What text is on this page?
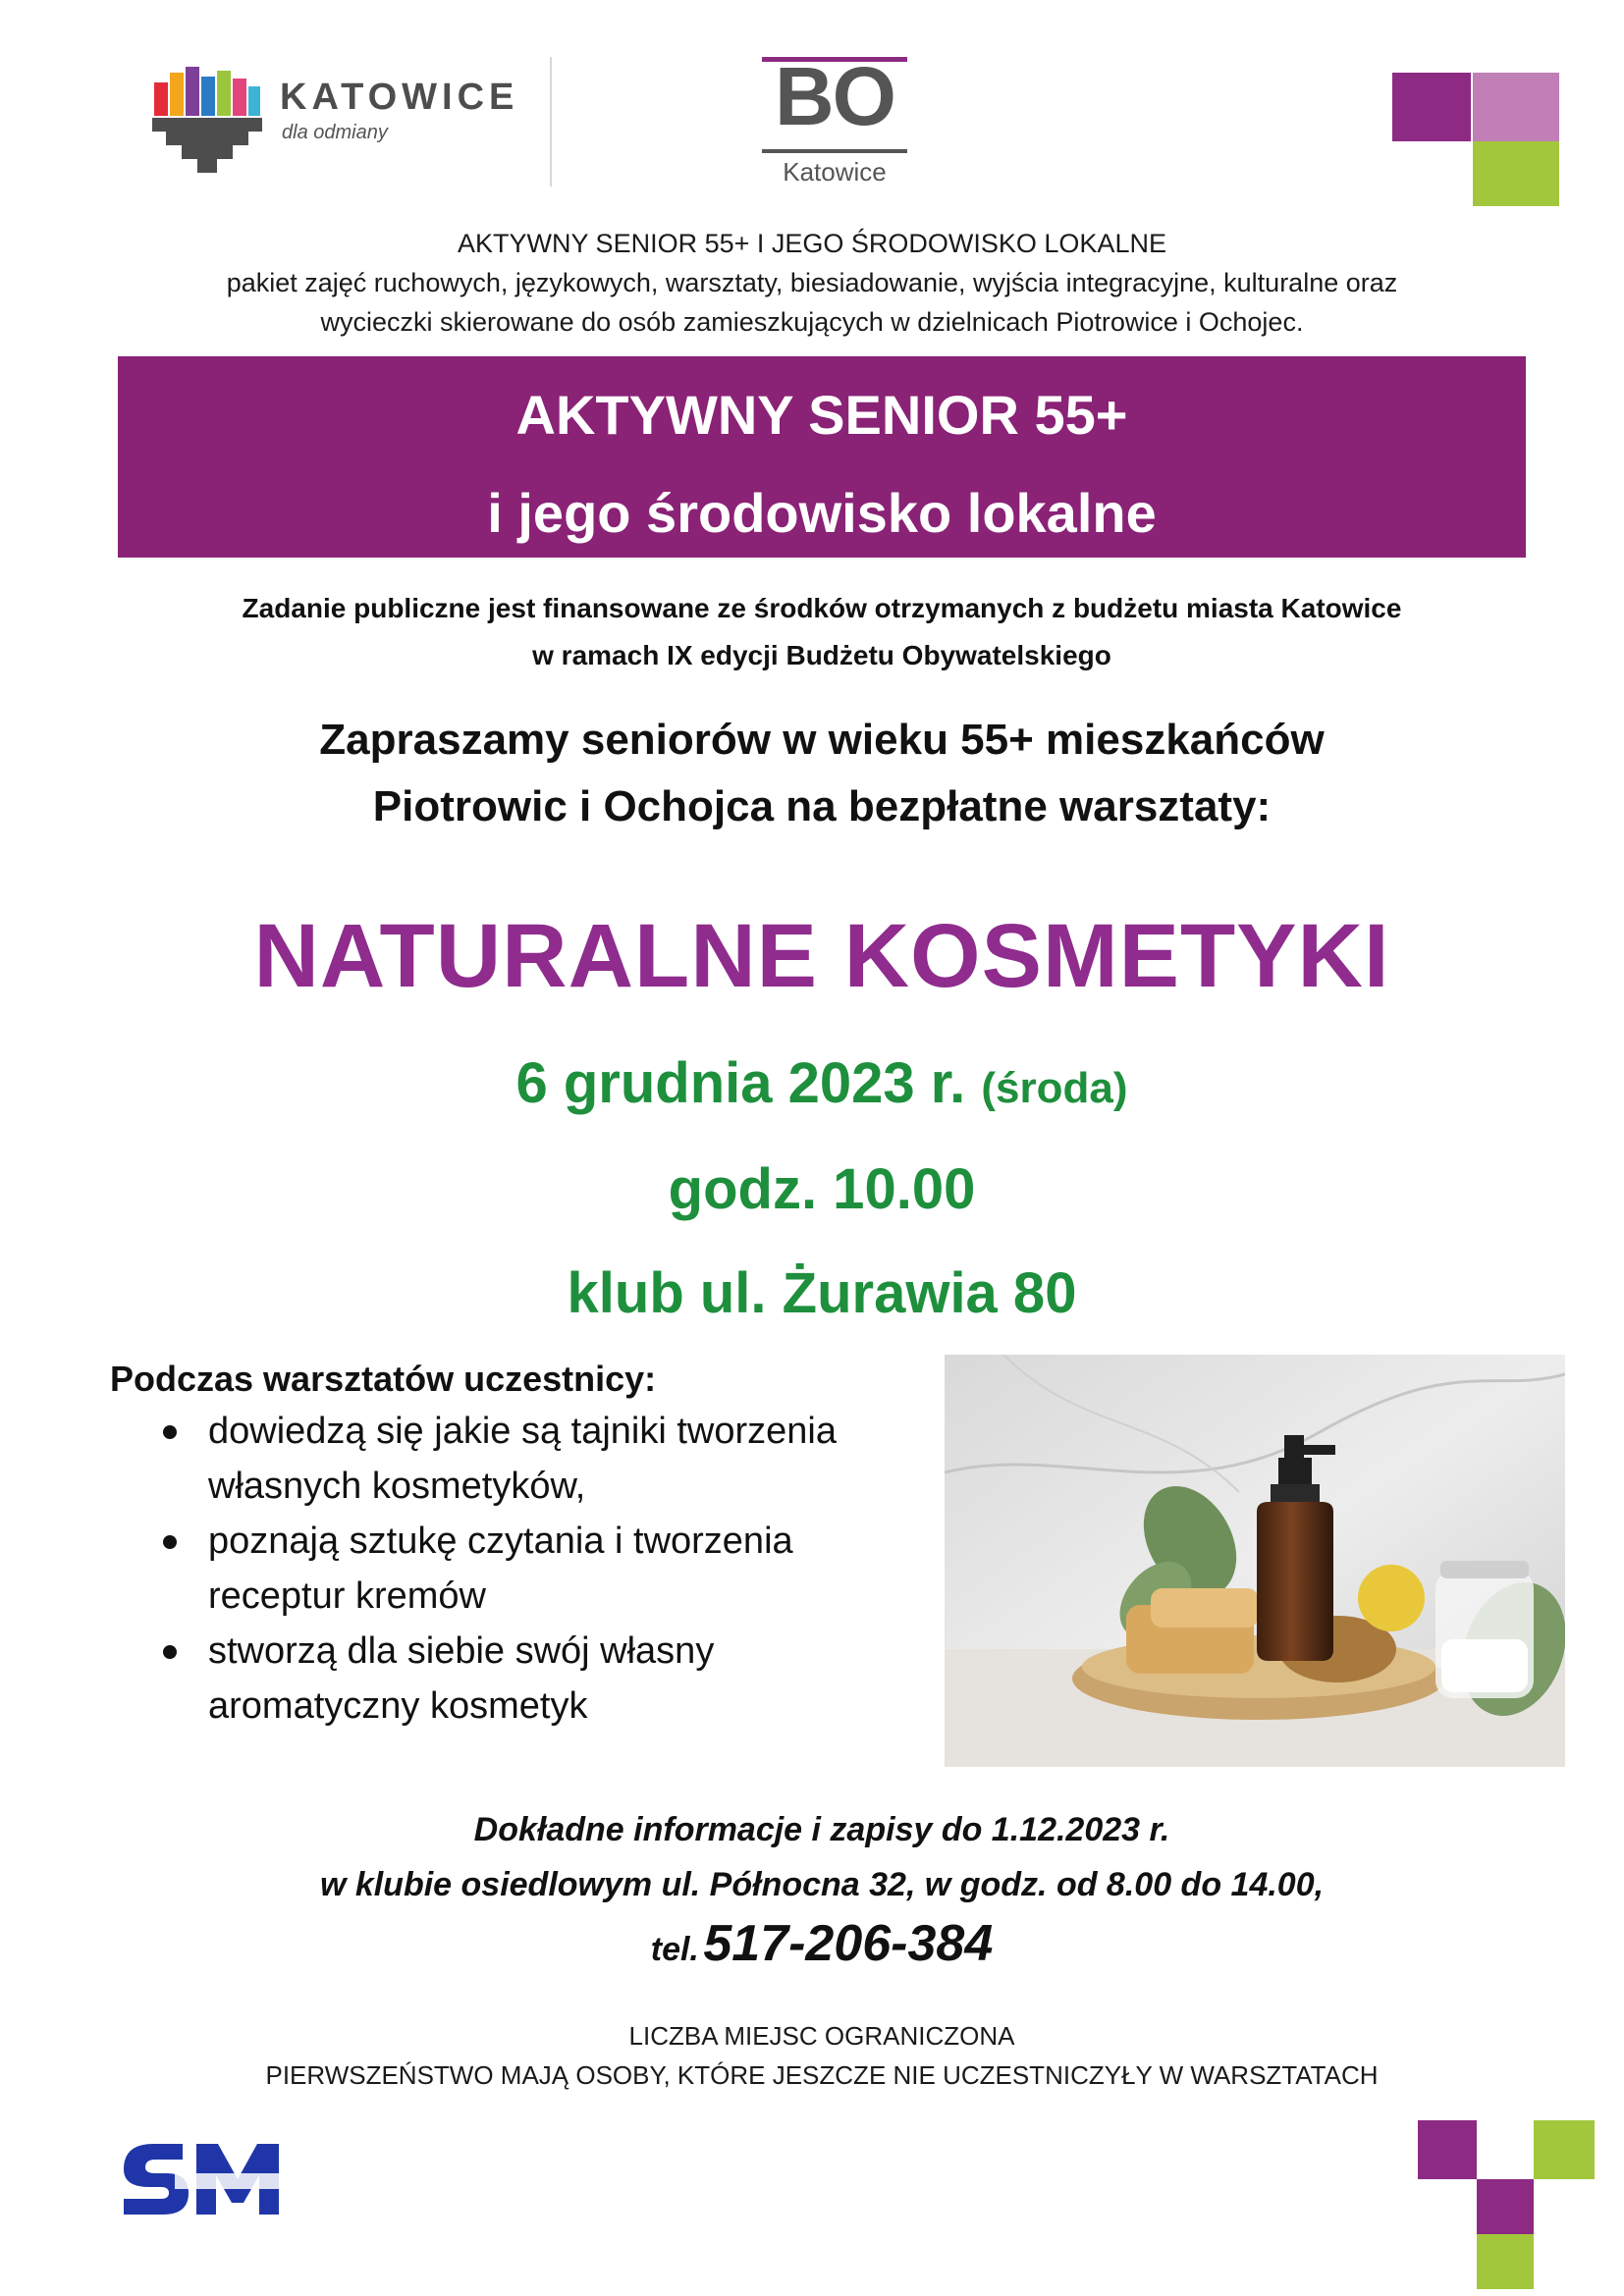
KATOWICE
dla odmiany	BO
Katowice
AKTYWNY SENIOR 55+ I JEGO ŚRODOWISKO LOKALNE
pakiet zajęć ruchowych, językowych, warsztaty, biesiadowanie, wyjścia integracyjne, kulturalne oraz
wycieczki skierowane do osób zamieszkujących w dzielnicach Piotrowice i Ochojec.
AKTYWNY SENIOR 55+
i jego środowisko lokalne
Zadanie publiczne jest finansowane ze środków otrzymanych z budżetu miasta Katowice
w ramach IX edycji Budżetu Obywatelskiego
Zapraszamy seniorów w wieku 55+ mieszkańców
Piotrowic i Ochojca na bezpłatne warsztaty:
NATURALNE KOSMETYKI
6 grudnia 2023 r. (środa)
godz. 10.00
klub ul. Żurawia 80
Podczas warsztatów uczestnicy:
dowiedzą się jakie są tajniki tworzenia
własnych kosmetyków,
poznają sztukę czytania i tworzenia
receptur kremów
stworzą dla siebie swój własny
aromatyczny kosmetyk
Dokładne informacje i zapisy do 1.12.2023 r.
w klubie osiedlowym ul. Północna 32, w godz. od 8.00 do 14.00,
tel. 517-206-384
LICZBA MIEJSC OGRANICZONA
PIERWSZEŃSTWO MAJĄ OSOBY, KTÓRE JESZCZE NIE UCZESTNICZYŁY W WARSZTATACH
